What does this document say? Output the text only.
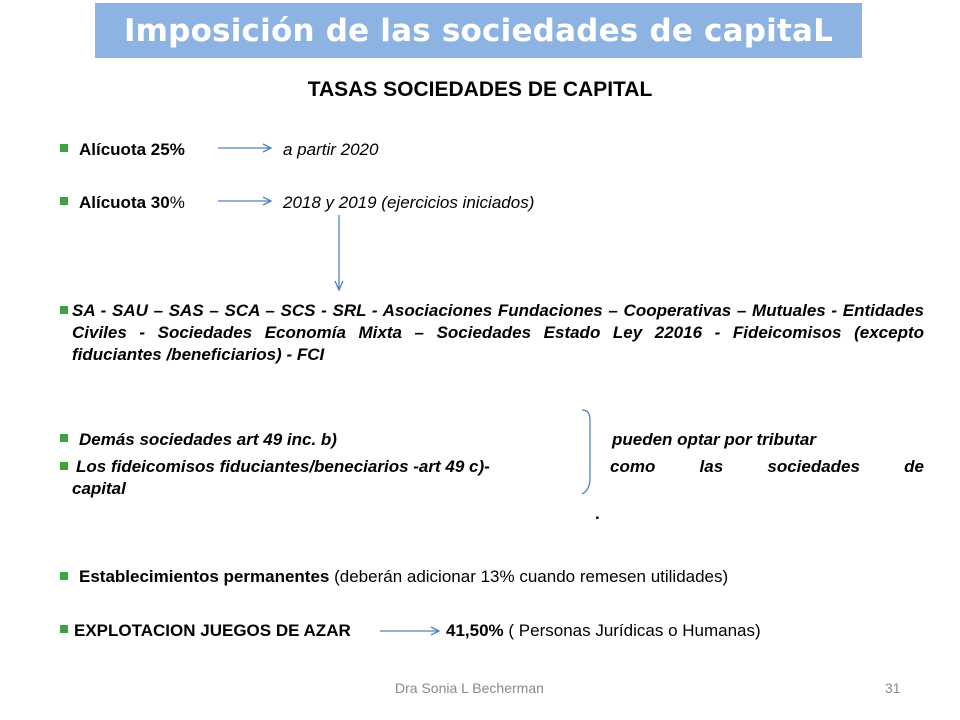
Imposición de las sociedades de capitaL
TASAS SOCIEDADES DE CAPITAL
Alícuota 25%	a partir 2020
Alícuota 30%	2018 y 2019 (ejercicios iniciados)
SA - SAU – SAS – SCA – SCS - SRL - Asociaciones Fundaciones – Cooperativas – Mutuales - Entidades Civiles - Sociedades Economía Mixta – Sociedades Estado Ley 22016 - Fideicomisos (excepto fiduciantes /beneficiarios) - FCI
Demás sociedades art 49 inc. b)	pueden optar por tributar
Los fideicomisos fiduciantes/beneciarios -art 49 c)-	como	las	sociedades	de
capital
.
Establecimientos permanentes (deberán adicionar 13% cuando remesen utilidades)
EXPLOTACION JUEGOS DE AZAR	41,50% ( Personas Jurídicas o Humanas)
Dra Sonia L Becherman	31
